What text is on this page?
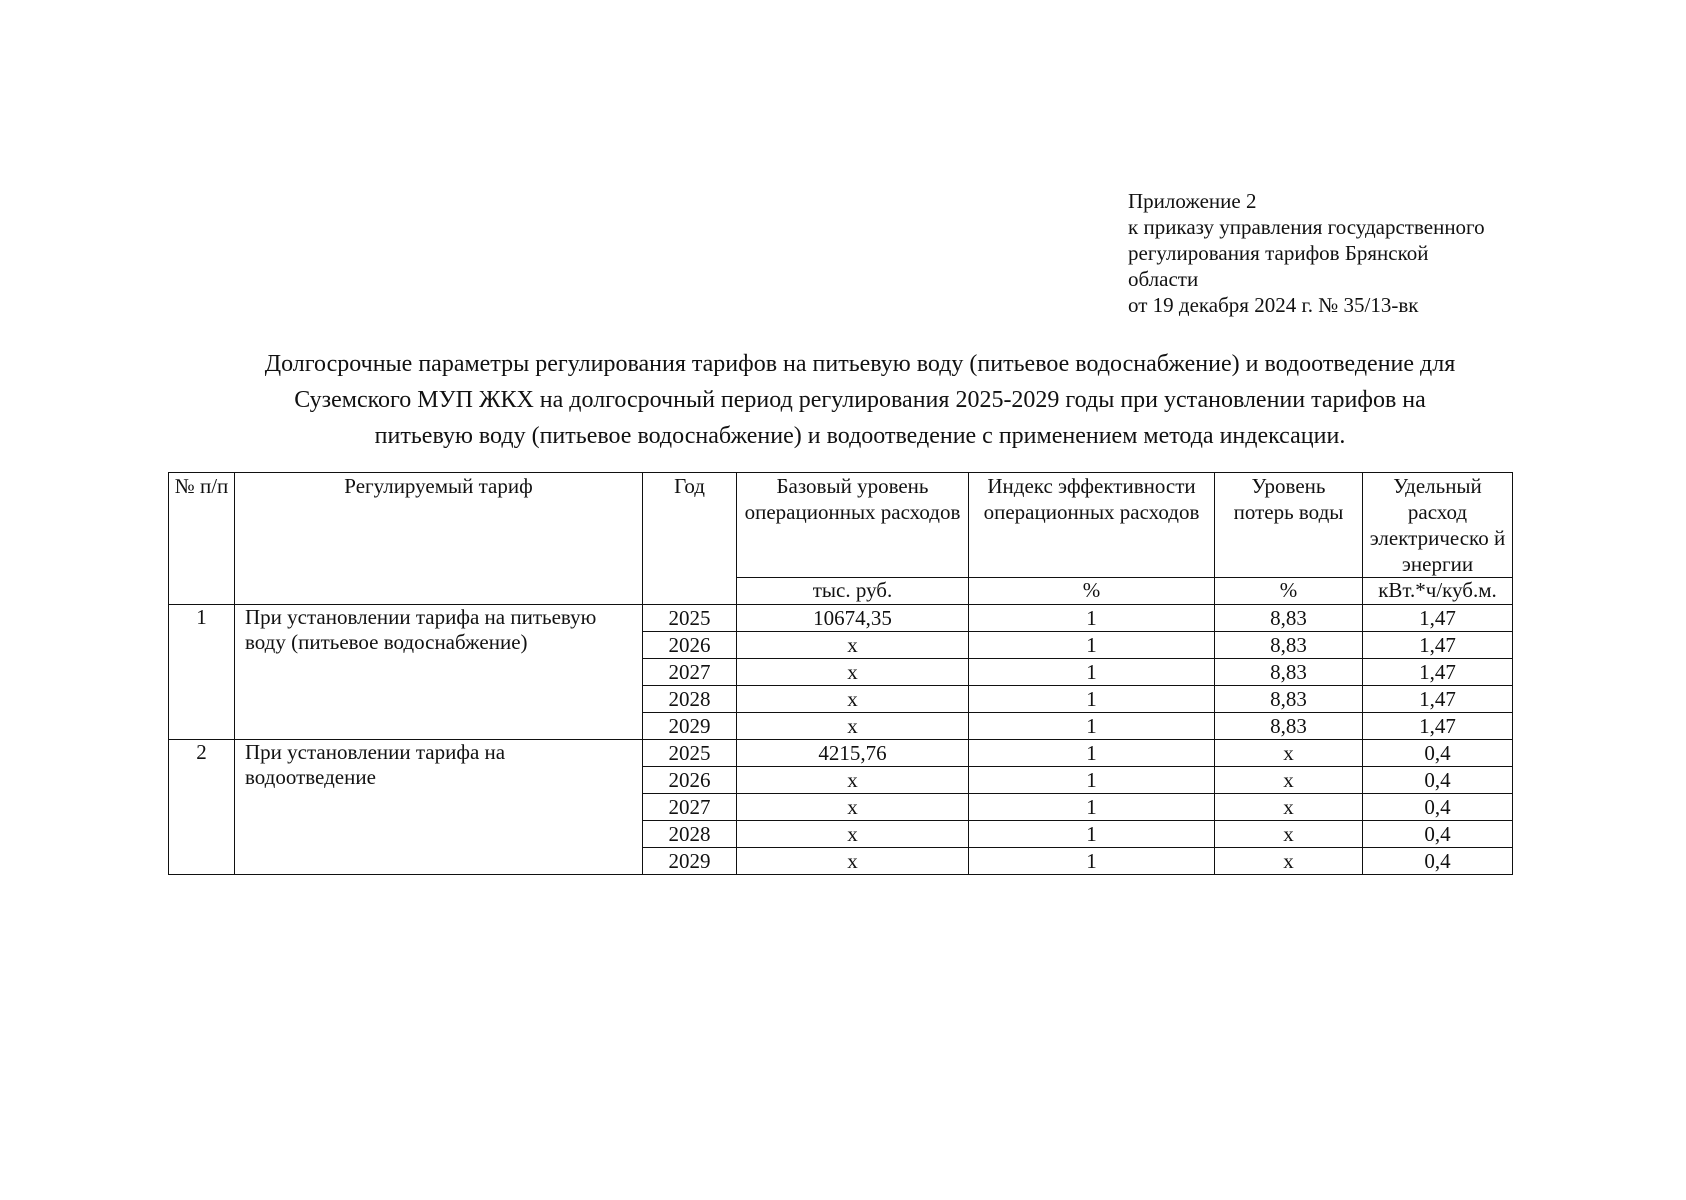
Приложение 2
к приказу управления государственного
регулирования тарифов Брянской
области
от 19 декабря 2024 г. № 35/13-вк
Долгосрочные параметры регулирования тарифов на питьевую воду (питьевое водоснабжение) и водоотведение для
Суземского МУП ЖКХ на долгосрочный период регулирования 2025-2029 годы при установлении тарифов на
питьевую воду (питьевое водоснабжение) и водоотведение с применением метода индексации.
№ п/п	Регулируемый тариф	Год	Базовый уровень операционных расходов	Индекс эффективности операционных расходов	Уровень потерь воды	Удельный расход электрическо й энергии
			тыс. руб.	%	%	кВт.*ч/куб.м.
1	При установлении тарифа на питьевую воду (питьевое водоснабжение)	2025	10674,35	1	8,83	1,47
		2026	х	1	8,83	1,47
		2027	х	1	8,83	1,47
		2028	х	1	8,83	1,47
		2029	х	1	8,83	1,47
2	При установлении тарифа на водоотведение	2025	4215,76	1	х	0,4
		2026	х	1	х	0,4
		2027	х	1	х	0,4
		2028	х	1	х	0,4
		2029	х	1	х	0,4
